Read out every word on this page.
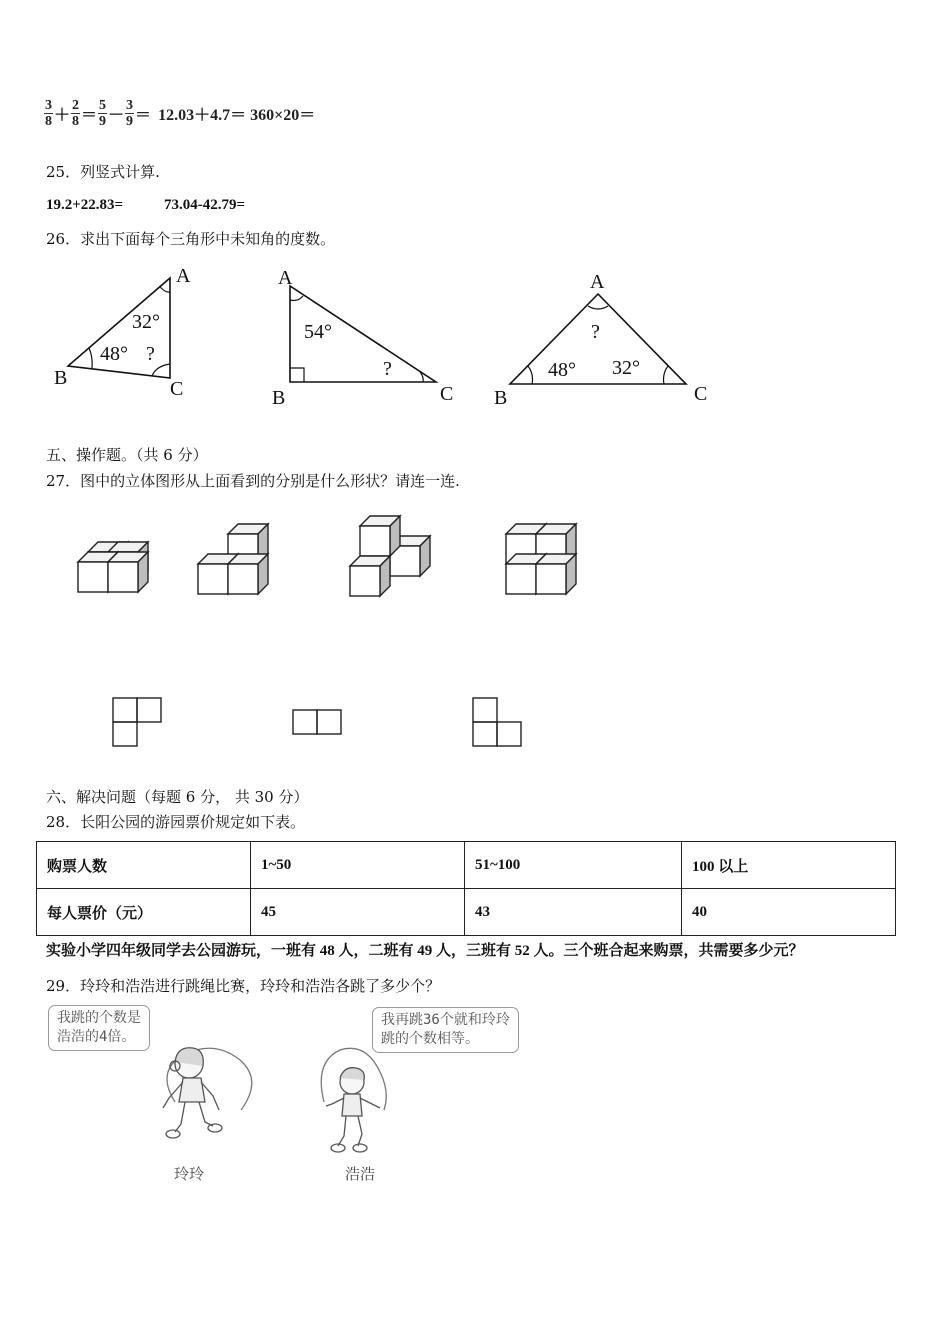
$\frac{3}{8} + \frac{2}{8} = \frac{5}{9} - \frac{3}{9} = 12.03+4.7= 360\times 20=$
25．列竖式计算.
19.2+22.83=	73.04-42.79=
26．求出下面每个三角形中未知角的度数。
A
B	C
32°
48° ?
A
B	C
54°
?
A
B	C
?
48° 32°
五、操作题。（共 6 分）
27．图中的立体图形从上面看到的分别是什么形状？请连一连.
六、解决问题（每题 6 分， 共 30 分）
28．长阳公园的游园票价规定如下表。
购票人数	1~50	51~100	100 以上
每人票价（元）	45	43	40
实验小学四年级同学去公园游玩，一班有 48 人，二班有 49 人，三班有 52 人。三个班合起来购票，共需要多少元？
29．玲玲和浩浩进行跳绳比赛，玲玲和浩浩各跳了多少个？
我跳的个数是
浩浩的4倍。
我再跳36个就和玲玲
跳的个数相等。
玲玲	浩浩
